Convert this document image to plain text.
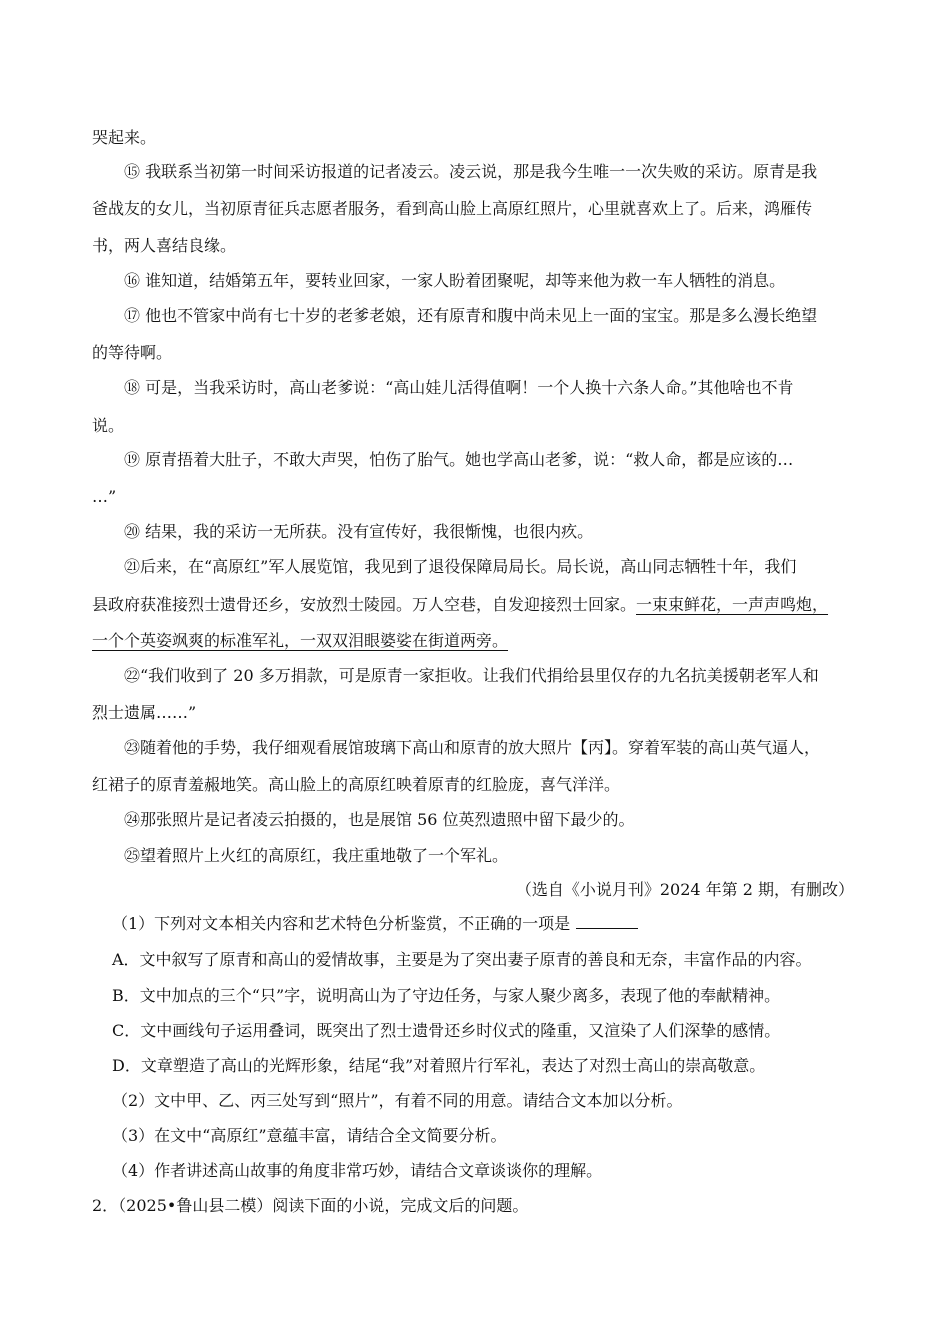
哭起来。
⑮ 我联系当初第一时间采访报道的记者凌云。凌云说，那是我今生唯一一次失败的采访。原青是我
爸战友的女儿，当初原青征兵志愿者服务，看到高山脸上高原红照片，心里就喜欢上了。后来，鸿雁传
书，两人喜结良缘。
⑯ 谁知道，结婚第五年，要转业回家，一家人盼着团聚呢，却等来他为救一车人牺牲的消息。
⑰ 他也不管家中尚有七十岁的老爹老娘，还有原青和腹中尚未见上一面的宝宝。那是多么漫长绝望
的等待啊。
⑱ 可是，当我采访时，高山老爹说：“高山娃儿活得值啊！一个人换十六条人命。”其他啥也不肯
说。
⑲ 原青捂着大肚子，不敢大声哭，怕伤了胎气。她也学高山老爹，说：“救人命，都是应该的…
…”
⑳ 结果，我的采访一无所获。没有宣传好，我很惭愧，也很内疚。
㉑后来，在“高原红”军人展览馆，我见到了退役保障局局长。局长说，高山同志牺牲十年，我们
县政府获准接烈士遗骨还乡，安放烈士陵园。万人空巷，自发迎接烈士回家。一束束鲜花，一声声鸣炮，
一个个英姿飒爽的标准军礼，一双双泪眼婆娑在街道两旁。
㉒“我们收到了 20 多万捐款，可是原青一家拒收。让我们代捐给县里仅存的九名抗美援朝老军人和
烈士遗属……”
㉓随着他的手势，我仔细观看展馆玻璃下高山和原青的放大照片【丙】。穿着军装的高山英气逼人，
红裙子的原青羞赧地笑。高山脸上的高原红映着原青的红脸庞，喜气洋洋。
㉔那张照片是记者凌云拍摄的，也是展馆 56 位英烈遗照中留下最少的。
㉕望着照片上火红的高原红，我庄重地敬了一个军礼。
（选自《小说月刊》2024 年第 2 期，有删改）
（1）下列对文本相关内容和艺术特色分析鉴赏，不正确的一项是
A．文中叙写了原青和高山的爱情故事，主要是为了突出妻子原青的善良和无奈，丰富作品的内容。
B．文中加点的三个“只”字，说明高山为了守边任务，与家人聚少离多，表现了他的奉献精神。
C．文中画线句子运用叠词，既突出了烈士遗骨还乡时仪式的隆重，又渲染了人们深挚的感情。
D．文章塑造了高山的光辉形象，结尾“我”对着照片行军礼，表达了对烈士高山的崇高敬意。
（2）文中甲、乙、丙三处写到“照片”，有着不同的用意。请结合文本加以分析。
（3）在文中“高原红”意蕴丰富，请结合全文简要分析。
（4）作者讲述高山故事的角度非常巧妙，请结合文章谈谈你的理解。
2．（2025•鲁山县二模）阅读下面的小说，完成文后的问题。
